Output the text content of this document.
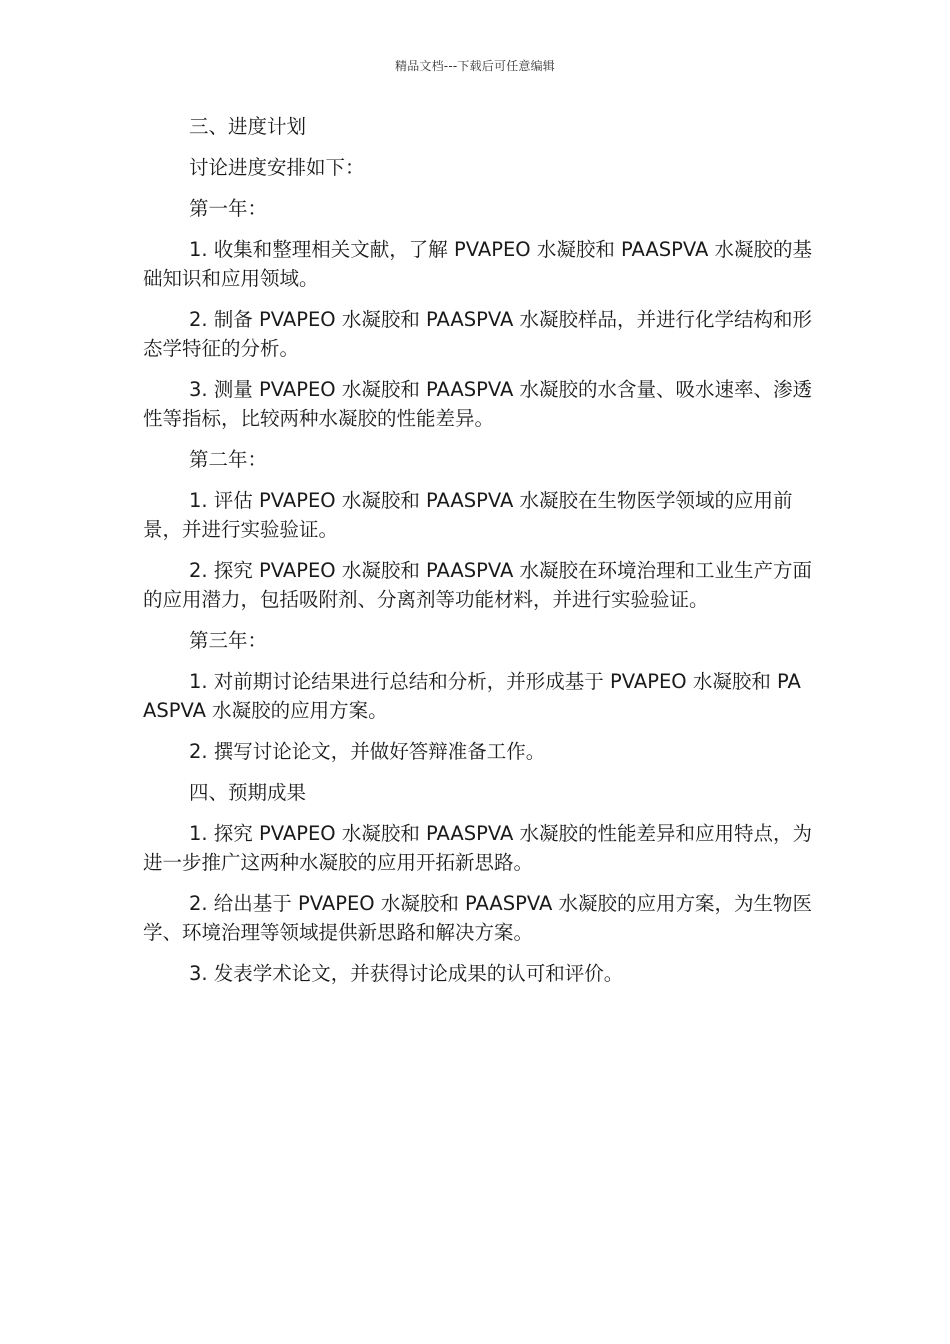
精品文档---下载后可任意编辑

三、进度计划

讨论进度安排如下：

第一年：

1. 收集和整理相关文献，了解 PVAPEO 水凝胶和 PAASPVA 水凝胶的基础知识和应用领域。

2. 制备 PVAPEO 水凝胶和 PAASPVA 水凝胶样品，并进行化学结构和形态学特征的分析。

3. 测量 PVAPEO 水凝胶和 PAASPVA 水凝胶的水含量、吸水速率、渗透性等指标，比较两种水凝胶的性能差异。

第二年：

1. 评估 PVAPEO 水凝胶和 PAASPVA 水凝胶在生物医学领域的应用前景，并进行实验验证。

2. 探究 PVAPEO 水凝胶和 PAASPVA 水凝胶在环境治理和工业生产方面的应用潜力，包括吸附剂、分离剂等功能材料，并进行实验验证。

第三年：

1. 对前期讨论结果进行总结和分析，并形成基于 PVAPEO 水凝胶和 PAASPVA 水凝胶的应用方案。

2. 撰写讨论论文，并做好答辩准备工作。

四、预期成果

1. 探究 PVAPEO 水凝胶和 PAASPVA 水凝胶的性能差异和应用特点，为进一步推广这两种水凝胶的应用开拓新思路。

2. 给出基于 PVAPEO 水凝胶和 PAASPVA 水凝胶的应用方案，为生物医学、环境治理等领域提供新思路和解决方案。

3. 发表学术论文，并获得讨论成果的认可和评价。
